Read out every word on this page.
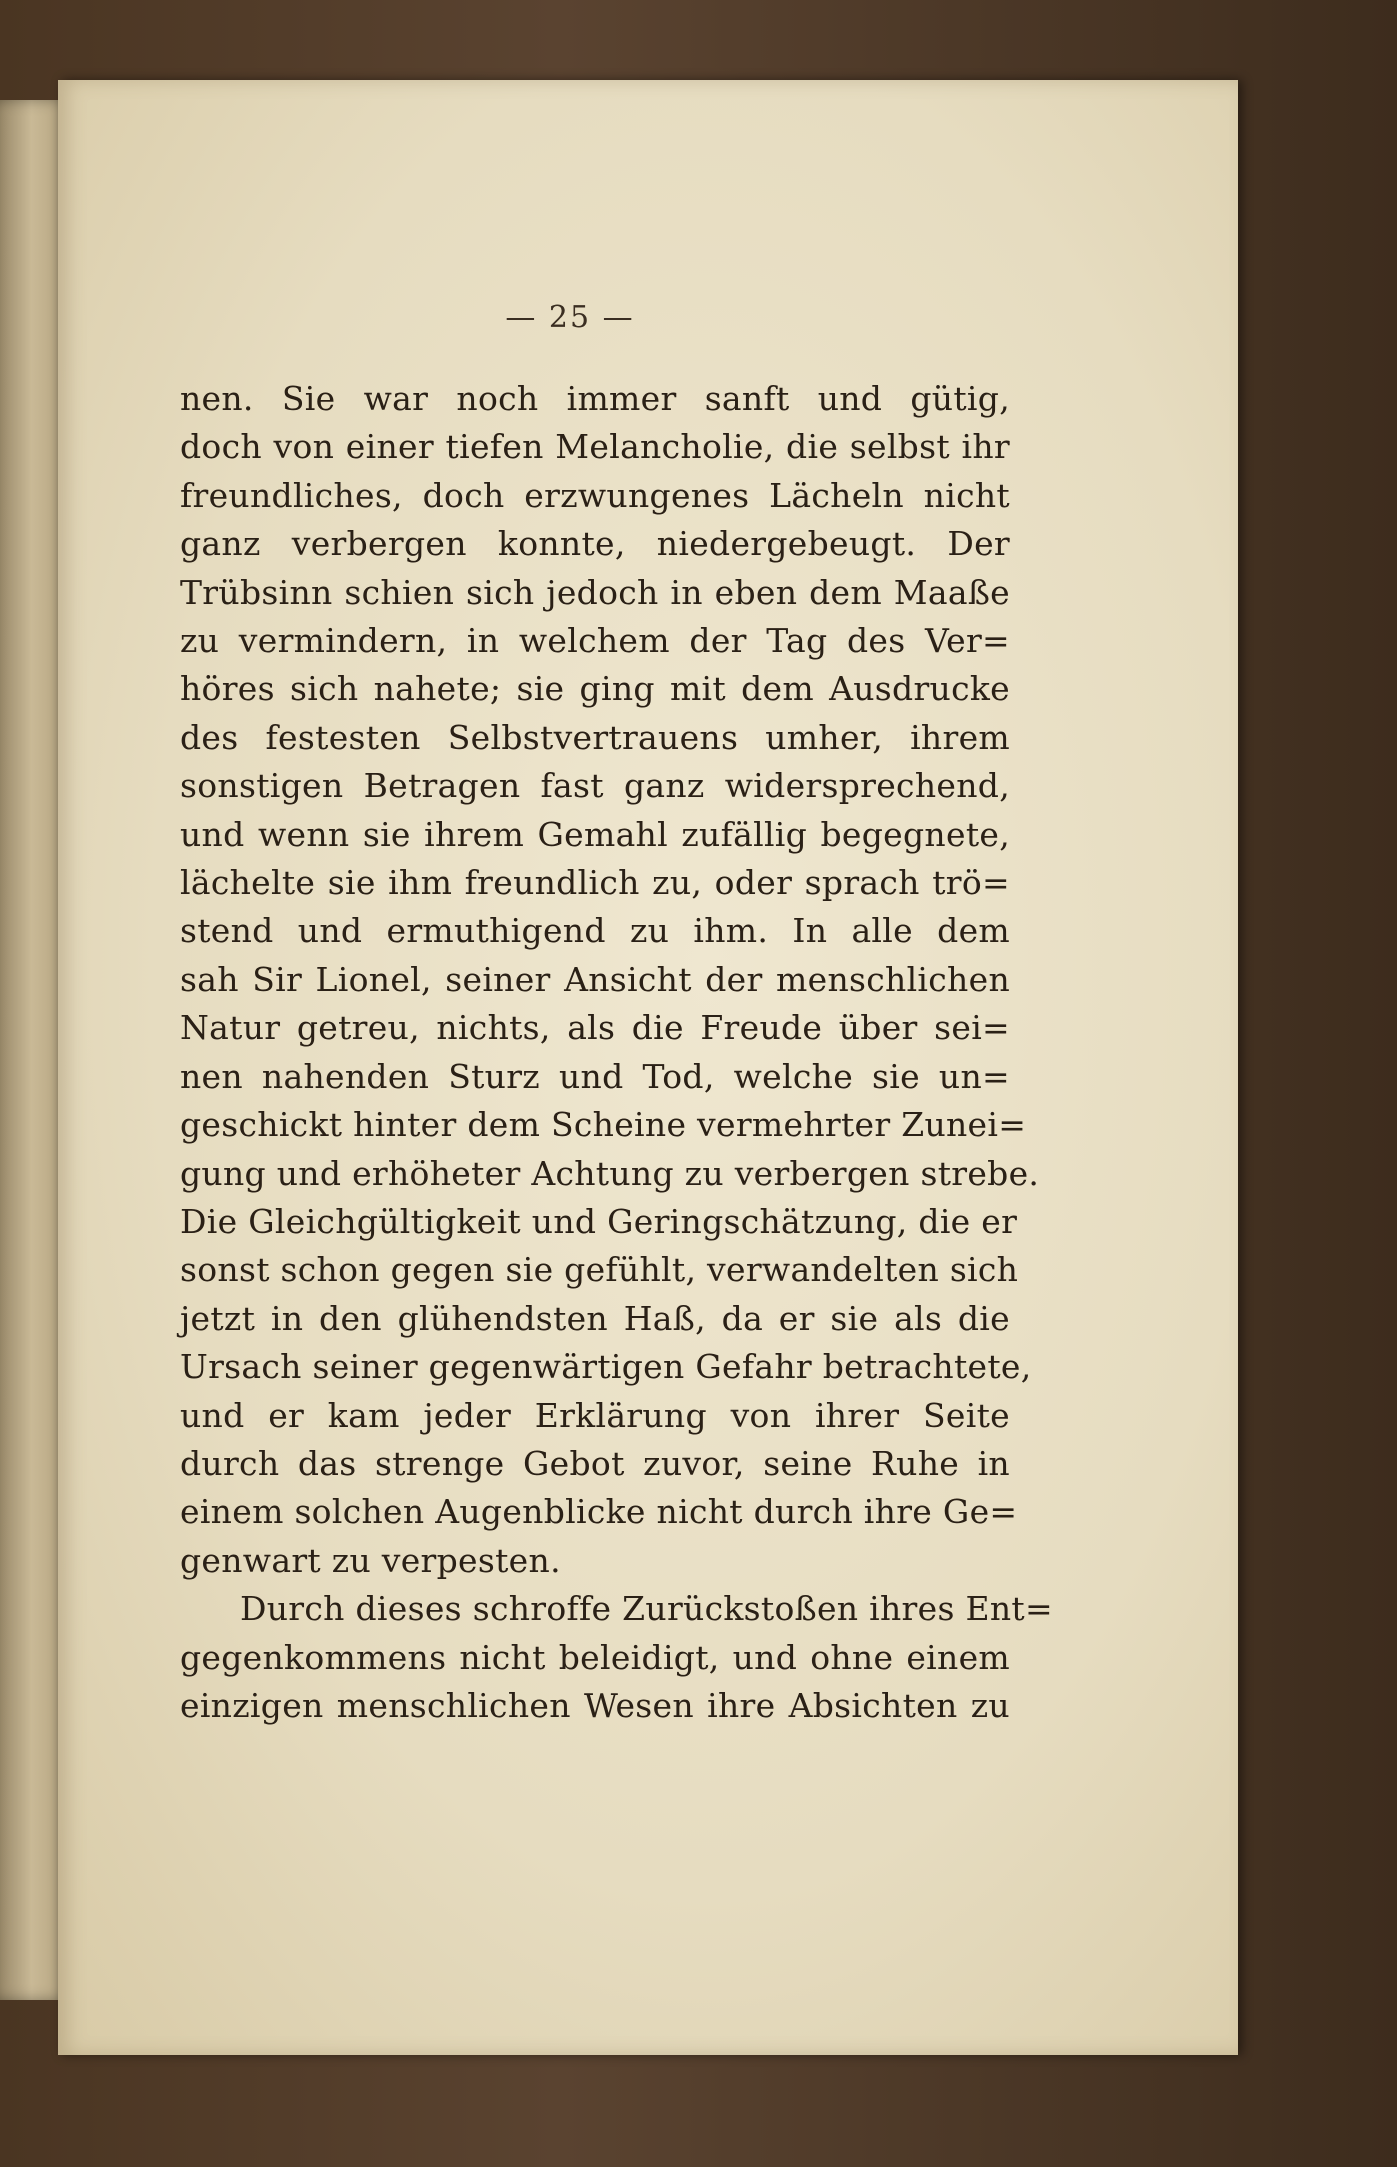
— 25 —
nen. Sie war noch immer sanft und gütig,
doch von einer tiefen Melancholie, die selbst ihr
freundliches, doch erzwungenes Lächeln nicht
ganz verbergen konnte, niedergebeugt. Der
Trübsinn schien sich jedoch in eben dem Maaße
zu vermindern, in welchem der Tag des Ver=
höres sich nahete; sie ging mit dem Ausdrucke
des festesten Selbstvertrauens umher, ihrem
sonstigen Betragen fast ganz widersprechend,
und wenn sie ihrem Gemahl zufällig begegnete,
lächelte sie ihm freundlich zu, oder sprach trö=
stend und ermuthigend zu ihm. In alle dem
sah Sir Lionel, seiner Ansicht der menschlichen
Natur getreu, nichts, als die Freude über sei=
nen nahenden Sturz und Tod, welche sie un=
geschickt hinter dem Scheine vermehrter Zunei=
gung und erhöheter Achtung zu verbergen strebe.
Die Gleichgültigkeit und Geringschätzung, die er
sonst schon gegen sie gefühlt, verwandelten sich
jetzt in den glühendsten Haß, da er sie als die
Ursach seiner gegenwärtigen Gefahr betrachtete,
und er kam jeder Erklärung von ihrer Seite
durch das strenge Gebot zuvor, seine Ruhe in
einem solchen Augenblicke nicht durch ihre Ge=
genwart zu verpesten.
Durch dieses schroffe Zurückstoßen ihres Ent=
gegenkommens nicht beleidigt, und ohne einem
einzigen menschlichen Wesen ihre Absichten zu
